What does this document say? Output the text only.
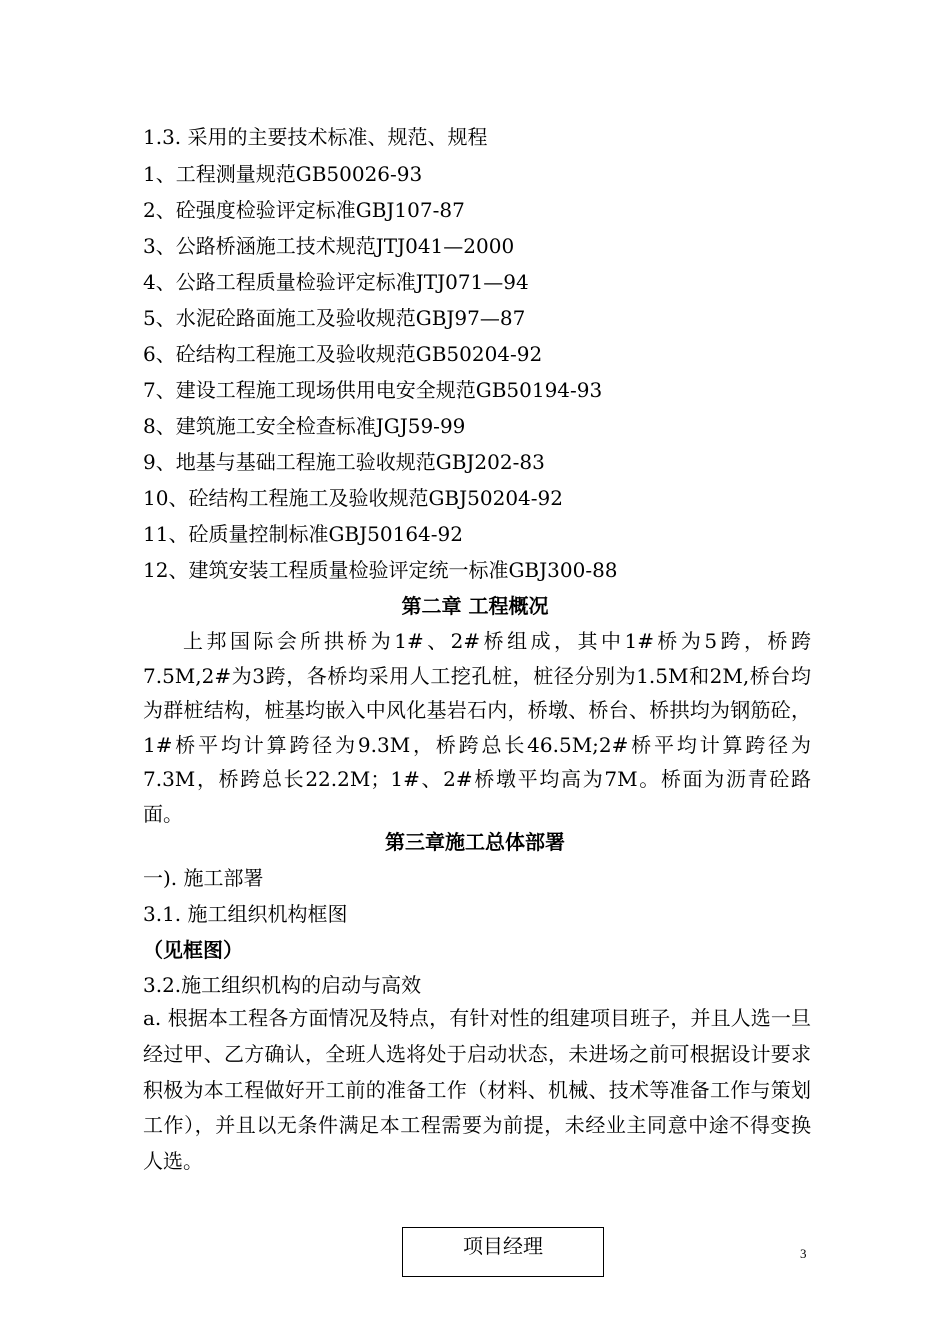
1.3. 采用的主要技术标准、规范、规程
1、工程测量规范GB50026-93
2、砼强度检验评定标准GBJ107-87
3、公路桥涵施工技术规范JTJ041—2000
4、公路工程质量检验评定标准JTJ071—94
5、水泥砼路面施工及验收规范GBJ97—87
6、砼结构工程施工及验收规范GB50204-92
7、建设工程施工现场供用电安全规范GB50194-93
8、建筑施工安全检查标准JGJ59-99
9、地基与基础工程施工验收规范GBJ202-83
10、砼结构工程施工及验收规范GBJ50204-92
11、砼质量控制标准GBJ50164-92
12、建筑安装工程质量检验评定统一标准GBJ300-88
第二章 工程概况
上邦国际会所拱桥为1#、2#桥组成，其中1#桥为5跨，桥跨7.5M,2#为3跨，各桥均采用人工挖孔桩，桩径分别为1.5M和2M,桥台均为群桩结构，桩基均嵌入中风化基岩石内，桥墩、桥台、桥拱均为钢筋砼，1#桥平均计算跨径为9.3M，桥跨总长46.5M;2#桥平均计算跨径为7.3M，桥跨总长22.2M；1#、2#桥墩平均高为7M。桥面为沥青砼路面。
第三章施工总体部署
一). 施工部署
3.1. 施工组织机构框图
（见框图）
3.2.施工组织机构的启动与高效
a. 根据本工程各方面情况及特点，有针对性的组建项目班子，并且人选一旦经过甲、乙方确认，全班人选将处于启动状态，未进场之前可根据设计要求积极为本工程做好开工前的准备工作（材料、机械、技术等准备工作与策划工作），并且以无条件满足本工程需要为前提，未经业主同意中途不得变换人选。
项目经理	3
